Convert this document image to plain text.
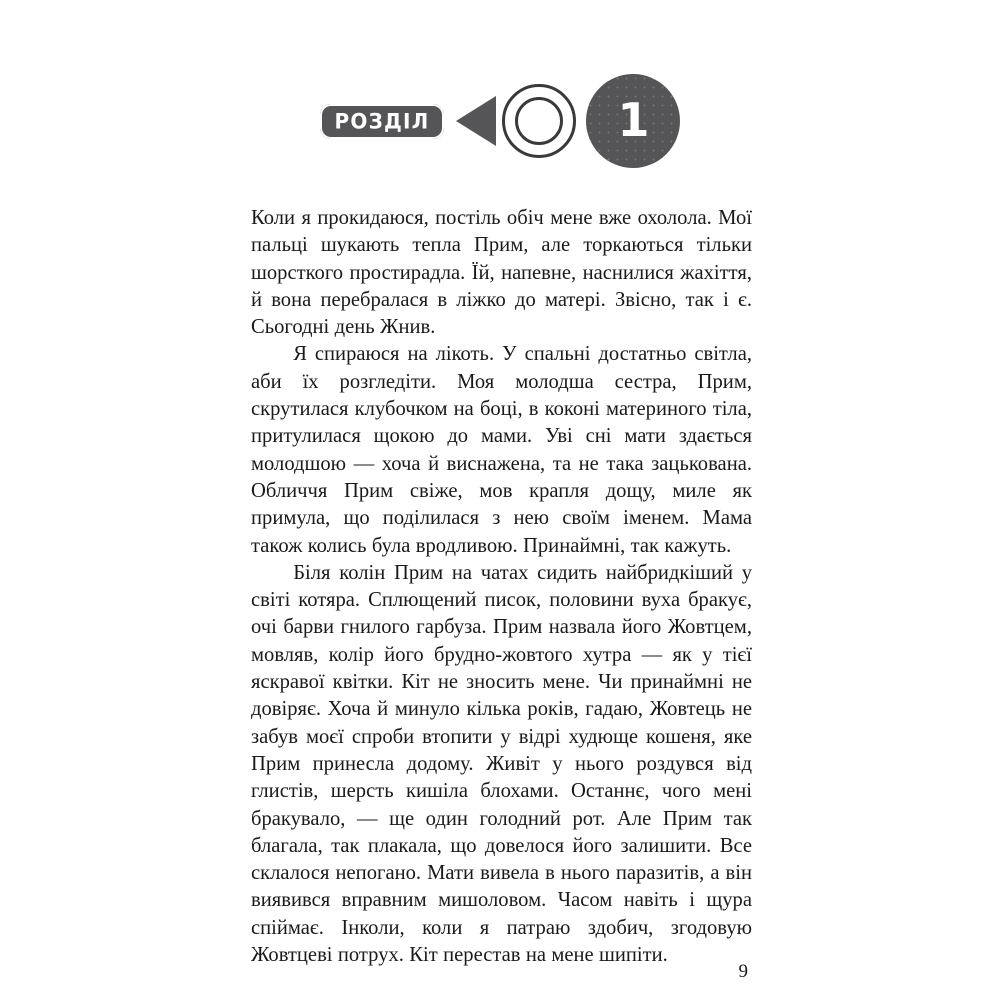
РОЗДІЛ	1

Коли я прокидаюся, постіль обіч мене вже охолола. Мої пальці шукають тепла Прим, але торкаються тільки шорсткого простирадла. Їй, напевне, наснилися жахіття, й вона перебралася в ліжко до матері. Звісно, так і є. Сьогодні день Жнив.

Я спираюся на лікоть. У спальні достатньо світла, аби їх розгледіти. Моя молодша сестра, Прим, скрутилася клубочком на боці, в коконі материного тіла, притулилася щокою до мами. Увi снi мати здається молодшою — хоча й виснажена, та не така зацькована. Обличчя Прим свіже, мов крапля дощу, миле як примула, що поділилася з нею своїм іменем. Мама також колись була вродливою. Принаймні, так кажуть.

Біля колін Прим на чатах сидить найбридкіший у світі котяра. Сплющений писок, половини вуха бракує, очі барви гнилого гарбуза. Прим назвала його Жовтцем, мовляв, колір його брудно-жовтого хутра — як у тієї яскравої квітки. Кіт не зносить мене. Чи принаймні не довіряє. Хоча й минуло кілька років, гадаю, Жовтець не забув моєї спроби втопити у відрі худюще кошеня, яке Прим принесла додому. Живіт у нього роздувся від глистів, шерсть кишіла блохами. Останнє, чого мені бракувало, — ще один голодний рот. Але Прим так благала, так плакала, що довелося його залишити. Все склалося непогано. Мати вивела в нього паразитів, а він виявився вправним мишоловом. Часом навіть і щура спіймає. Інколи, коли я патраю здобич, згодовую Жовтцеві потрух. Кіт перестав на мене шипіти.

9
